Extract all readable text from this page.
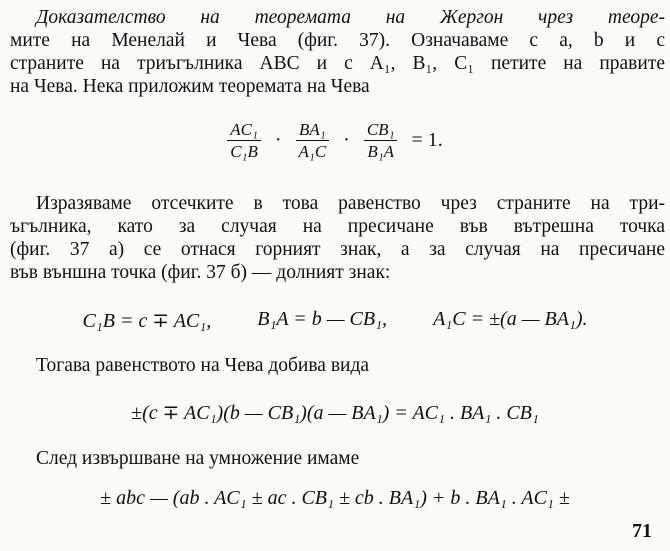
Доказателство на теоремата на Жергон чрез теоре-
мите на Менелай и Чева (фиг. 37). Означаваме с a, b и c
страните на триъгълника ABC и с A₁, B₁, C₁ петите на правите
на Чева. Нека приложим теоремата на Чева
$\frac{\text{AC₁}}{\text{C₁B}} \cdot \frac{\text{BA₁}}{\text{A₁C}} \cdot \frac{\text{CB₁}}{\text{B₁A}} = 1$.
Изразяваме отсечките в това равенство чрез страните на три-
ъгълника, като за случая на пресичане във вътрешна точка
(фиг. 37 а) се отнася горният знак, а за случая на пресичане
във външна точка (фиг. 37 б) — долният знак:
C₁B = c ∓ AC₁, B₁A = b — CB₁, A₁C = ±(a — BA₁).
Тогава равенството на Чева добива вида
±(c ∓ AC₁)(b — CB₁)(a — BA₁) = AC₁ . BA₁ . CB₁
След извършване на умножение имаме
± abc — (ab . AC₁ ± ac . CB₁ ± cb . BA₁) + b . BA₁ . AC₁ ±
71
